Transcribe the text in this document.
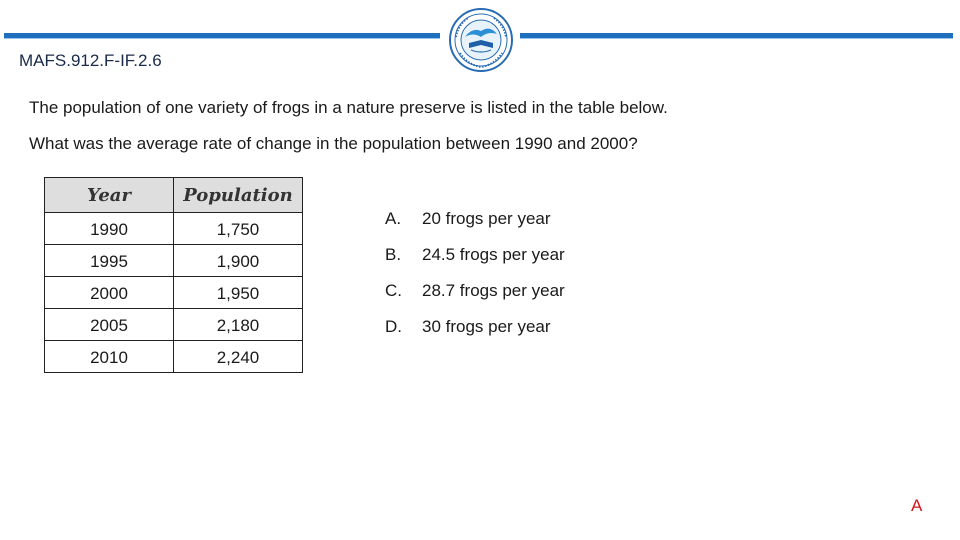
MAFS.912.F-IF.2.6
The population of one variety of frogs in a nature preserve is listed in the table below.
What was the average rate of change in the population between 1990 and 2000?
Year	Population
1990	1,750
1995	1,900
2000	1,950
2005	2,180
2010	2,240
A. 20 frogs per year
B. 24.5 frogs per year
C. 28.7 frogs per year
D. 30 frogs per year
A
